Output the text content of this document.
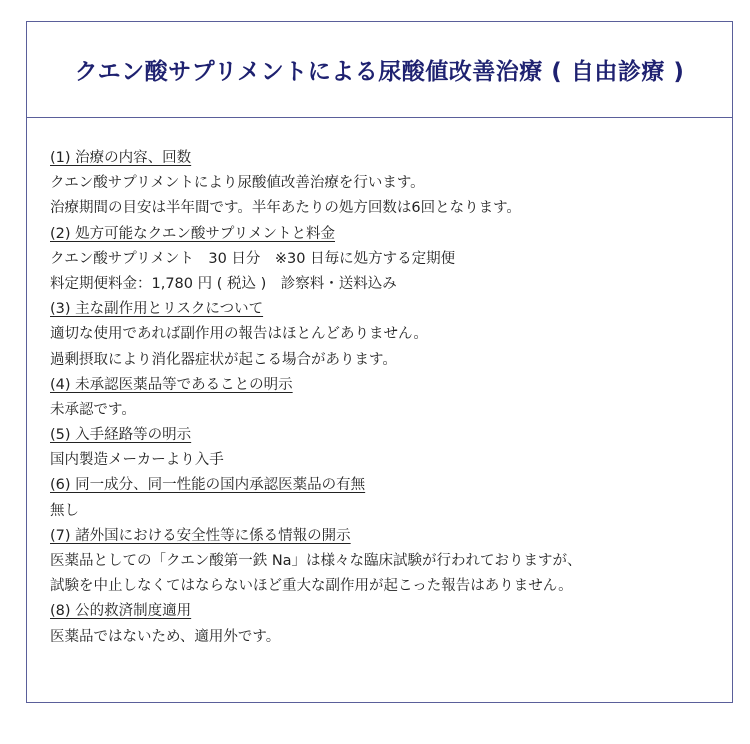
クエン酸サプリメントによる尿酸値改善治療 ( 自由診療 )
(1) 治療の内容、回数
クエン酸サプリメントにより尿酸値改善治療を行います。
治療期間の目安は半年間です。半年あたりの処方回数は6回となります。
(2) 処方可能なクエン酸サプリメントと料金
クエン酸サプリメント　30 日分　※30 日毎に処方する定期便
料定期便料金：1,780 円 ( 税込 )　診察料・送料込み
(3) 主な副作用とリスクについて
適切な使用であれば副作用の報告はほとんどありません。
過剰摂取により消化器症状が起こる場合があります。
(4) 未承認医薬品等であることの明示
未承認です。
(5) 入手経路等の明示
国内製造メーカーより入手
(6) 同一成分、同一性能の国内承認医薬品の有無
無し
(7) 諸外国における安全性等に係る情報の開示
医薬品としての「クエン酸第一鉄 Na」は様々な臨床試験が行われておりますが、
試験を中止しなくてはならないほど重大な副作用が起こった報告はありません。
(8) 公的救済制度適用
医薬品ではないため、適用外です。
